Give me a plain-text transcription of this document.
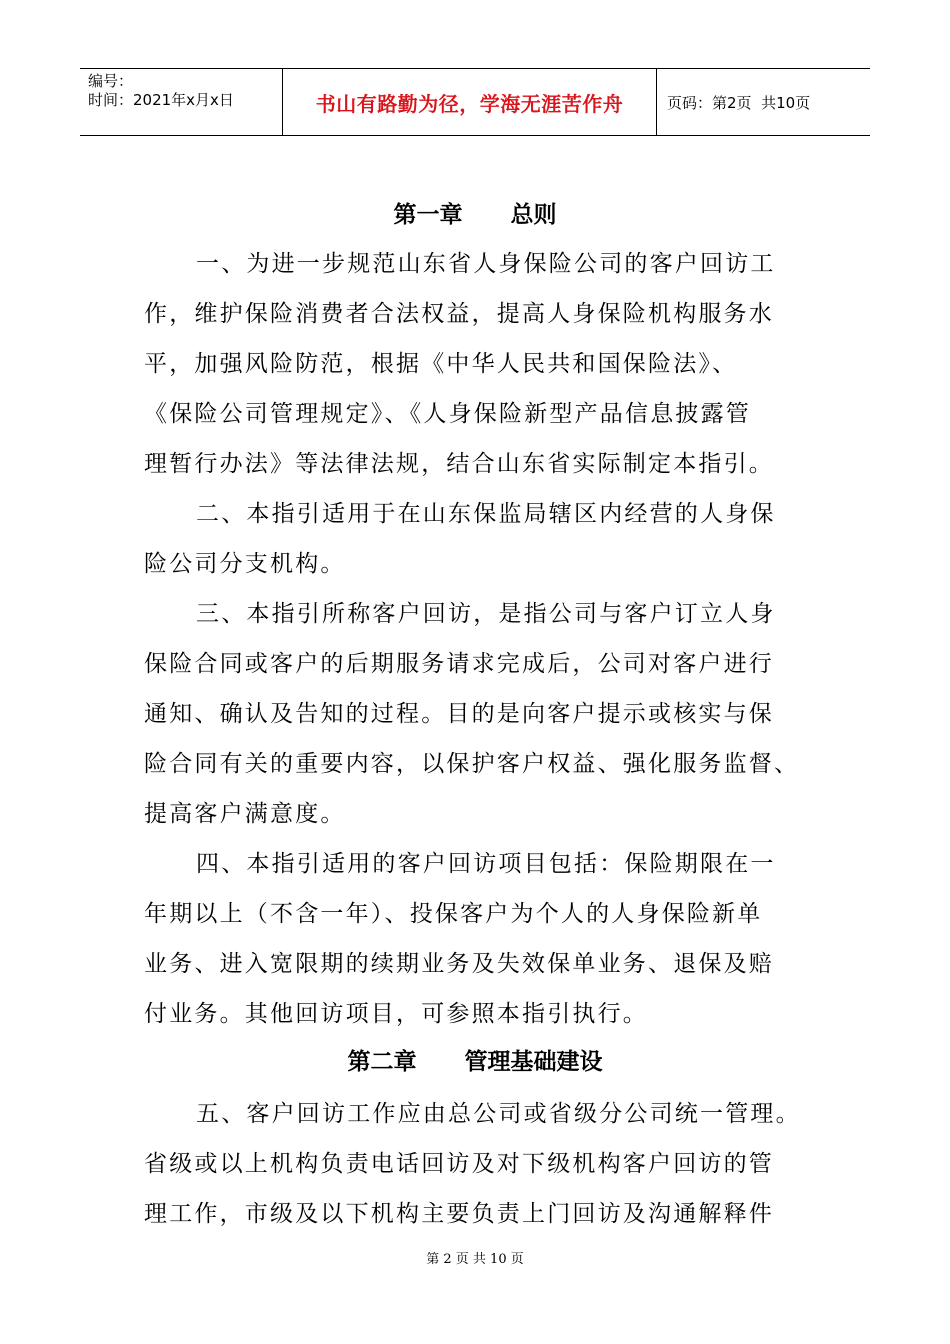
编号：
时间：2021年x月x日	书山有路勤为径，学海无涯苦作舟	页码：第2页  共10页
第一章      总则
一、为进一步规范山东省人身保险公司的客户回访工
作，维护保险消费者合法权益，提高人身保险机构服务水
平，加强风险防范，根据《中华人民共和国保险法》、
《保险公司管理规定》、《人身保险新型产品信息披露管
理暂行办法》等法律法规，结合山东省实际制定本指引。
二、本指引适用于在山东保监局辖区内经营的人身保
险公司分支机构。
三、本指引所称客户回访，是指公司与客户订立人身
保险合同或客户的后期服务请求完成后，公司对客户进行
通知、确认及告知的过程。目的是向客户提示或核实与保
险合同有关的重要内容，以保护客户权益、强化服务监督、
提高客户满意度。
四、本指引适用的客户回访项目包括：保险期限在一
年期以上（不含一年）、投保客户为个人的人身保险新单
业务、进入宽限期的续期业务及失效保单业务、退保及赔
付业务。其他回访项目，可参照本指引执行。
第二章      管理基础建设
五、客户回访工作应由总公司或省级分公司统一管理。
省级或以上机构负责电话回访及对下级机构客户回访的管
理工作，市级及以下机构主要负责上门回访及沟通解释件
第 2 页 共 10 页
